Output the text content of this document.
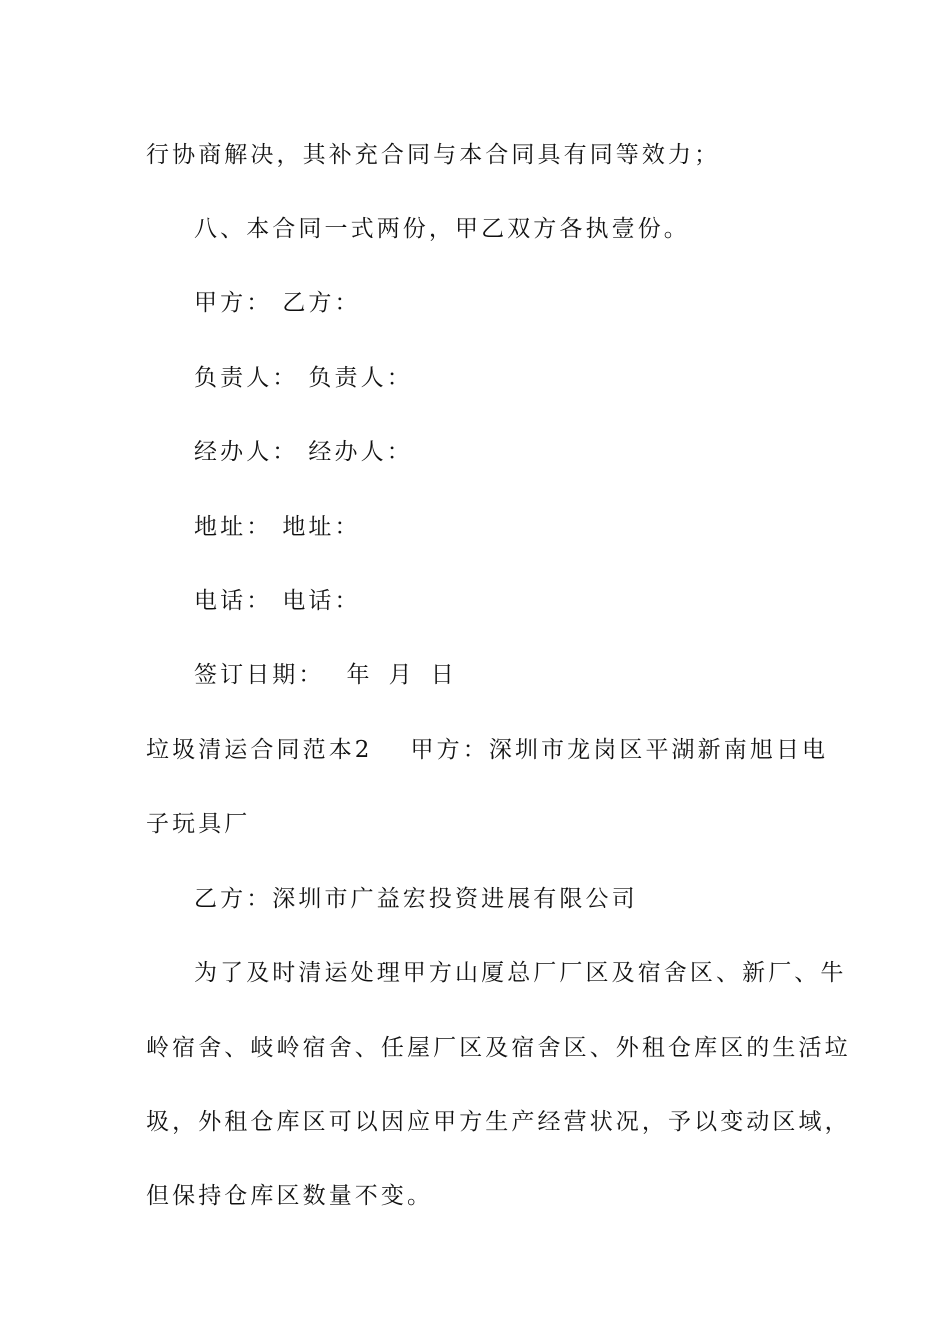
行协商解决，其补充合同与本合同具有同等效力；
八、本合同一式两份，甲乙双方各执壹份。
甲方： 乙方：
负责人： 负责人：
经办人： 经办人：
地址： 地址：
电话： 电话：
签订日期： 年 月 日
垃圾清运合同范本2 甲方：深圳市龙岗区平湖新南旭日电
子玩具厂
乙方：深圳市广益宏投资进展有限公司
为了及时清运处理甲方山厦总厂厂区及宿舍区、新厂、牛
岭宿舍、岐岭宿舍、任屋厂区及宿舍区、外租仓库区的生活垃
圾，外租仓库区可以因应甲方生产经营状况，予以变动区域，
但保持仓库区数量不变。
